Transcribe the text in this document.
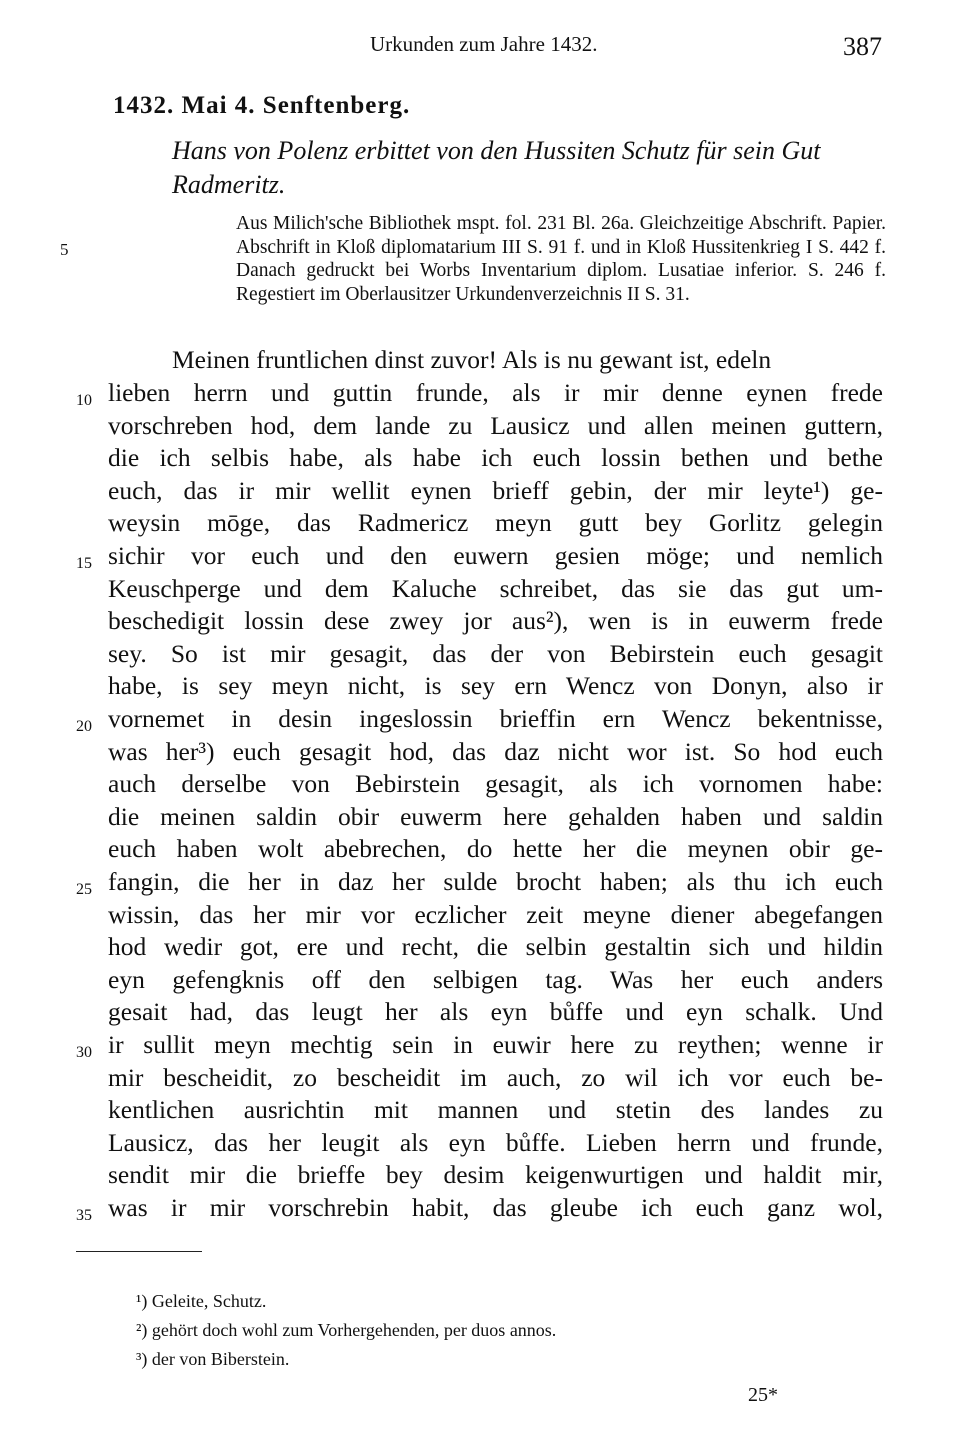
Urkunden zum Jahre 1432.	387
1432. Mai 4. Senftenberg.
Hans von Polenz erbittet von den Hussiten Schutz für sein Gut Radmeritz.
5
Aus Milich'sche Bibliothek mspt. fol. 231 Bl. 26a. Gleichzeitige Abschrift. Papier. Abschrift in Kloß diplomatarium III S. 91 f. und in Kloß Hussitenkrieg I S. 442 f. Danach gedruckt bei Worbs Inventarium diplom. Lusatiae inferior. S. 246 f. Regestiert im Oberlausitzer Urkundenverzeichnis II S. 31.
Meinen fruntlichen dinst zuvor! Als is nu gewant ist, edeln
lieben herrn und guttin frunde, als ir mir denne eynen frede
vorschreben hod, dem lande zu Lausicz und allen meinen guttern,
die ich selbis habe, als habe ich euch lossin bethen und bethe
euch, das ir mir wellit eynen brieff gebin, der mir leyte¹) ge-
weysin mōge, das Radmericz meyn gutt bey Gorlitz gelegin
sichir vor euch und den euwern gesien möge; und nemlich
Keuschperge und dem Kaluche schreibet, das sie das gut um-
beschedigit lossin dese zwey jor aus²), wen is in euwerm frede
sey. So ist mir gesagit, das der von Bebirstein euch gesagit
habe, is sey meyn nicht, is sey ern Wencz von Donyn, also ir
vornemet in desin ingeslossin brieffin ern Wencz bekentnisse,
was her³) euch gesagit hod, das daz nicht wor ist. So hod euch
auch derselbe von Bebirstein gesagit, als ich vornomen habe:
die meinen saldin obir euwerm here gehalden haben und saldin
euch haben wolt abebrechen, do hette her die meynen obir ge-
fangin, die her in daz her sulde brocht haben; als thu ich euch
wissin, das her mir vor eczlicher zeit meyne diener abegefangen
hod wedir got, ere und recht, die selbin gestaltin sich und hildin
eyn gefengknis off den selbigen tag. Was her euch anders
gesait had, das leugt her als eyn bůffe und eyn schalk. Und
ir sullit meyn mechtig sein in euwir here zu reythen; wenne ir
mir bescheidit, zo bescheidit im auch, zo wil ich vor euch be-
kentlichen ausrichtin mit mannen und stetin des landes zu
Lausicz, das her leugit als eyn bůffe. Lieben herrn und frunde,
sendit mir die brieffe bey desim keigenwurtigen und haldit mir,
was ir mir vorschrebin habit, das gleube ich euch ganz wol,
10
15
20
25
30
35
¹) Geleite, Schutz.
²) gehört doch wohl zum Vorhergehenden, per duos annos.
³) der von Biberstein.
25*
